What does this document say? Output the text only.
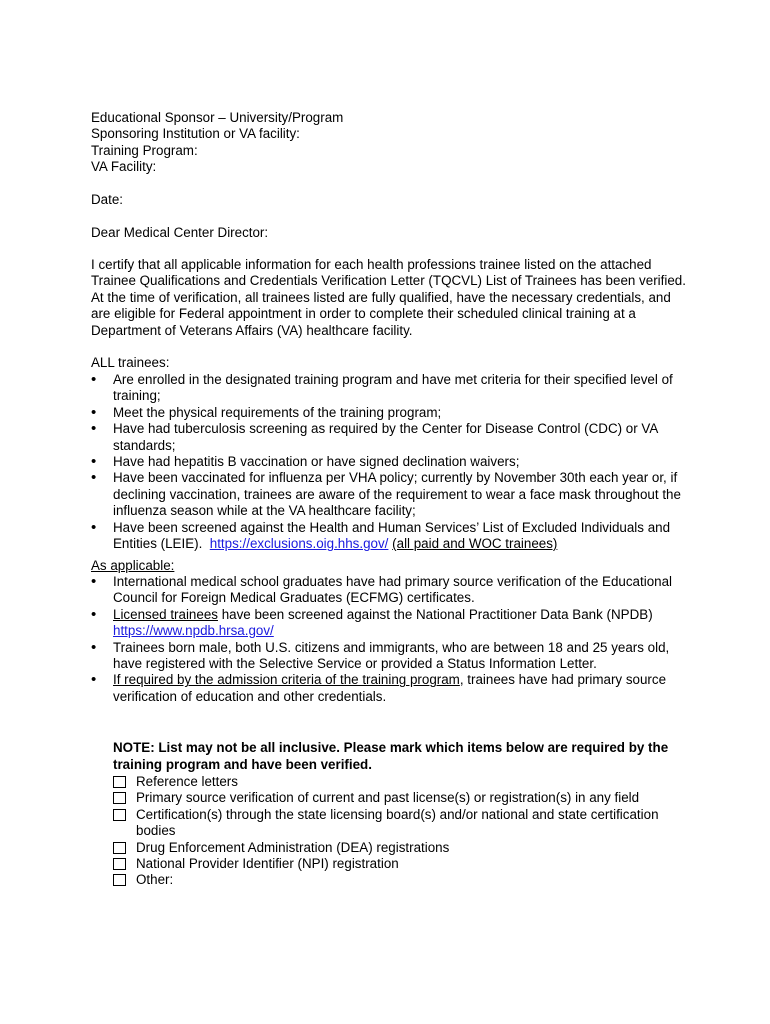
Educational Sponsor – University/Program
Sponsoring Institution or VA facility:
Training Program:
VA Facility:
Date:
Dear Medical Center Director:

I certify that all applicable information for each health professions trainee listed on the attached Trainee Qualifications and Credentials Verification Letter (TQCVL) List of Trainees has been verified. At the time of verification, all trainees listed are fully qualified, have the necessary credentials, and are eligible for Federal appointment in order to complete their scheduled clinical training at a Department of Veterans Affairs (VA) healthcare facility.

ALL trainees:
• Are enrolled in the designated training program and have met criteria for their specified level of training;
• Meet the physical requirements of the training program;
• Have had tuberculosis screening as required by the Center for Disease Control (CDC) or VA standards;
• Have had hepatitis B vaccination or have signed declination waivers;
• Have been vaccinated for influenza per VHA policy; currently by November 30th each year or, if declining vaccination, trainees are aware of the requirement to wear a face mask throughout the influenza season while at the VA healthcare facility;
• Have been screened against the Health and Human Services’ List of Excluded Individuals and Entities (LEIE). https://exclusions.oig.hhs.gov/ (all paid and WOC trainees)
As applicable:
• International medical school graduates have had primary source verification of the Educational Council for Foreign Medical Graduates (ECFMG) certificates.
• Licensed trainees have been screened against the National Practitioner Data Bank (NPDB)
https://www.npdb.hrsa.gov/
• Trainees born male, both U.S. citizens and immigrants, who are between 18 and 25 years old, have registered with the Selective Service or provided a Status Information Letter.
• If required by the admission criteria of the training program, trainees have had primary source verification of education and other credentials.

NOTE: List may not be all inclusive. Please mark which items below are required by the training program and have been verified.

Reference letters
Primary source verification of current and past license(s) or registration(s) in any field
Certification(s) through the state licensing board(s) and/or national and state certification bodies
Drug Enforcement Administration (DEA) registrations
National Provider Identifier (NPI) registration
Other:
